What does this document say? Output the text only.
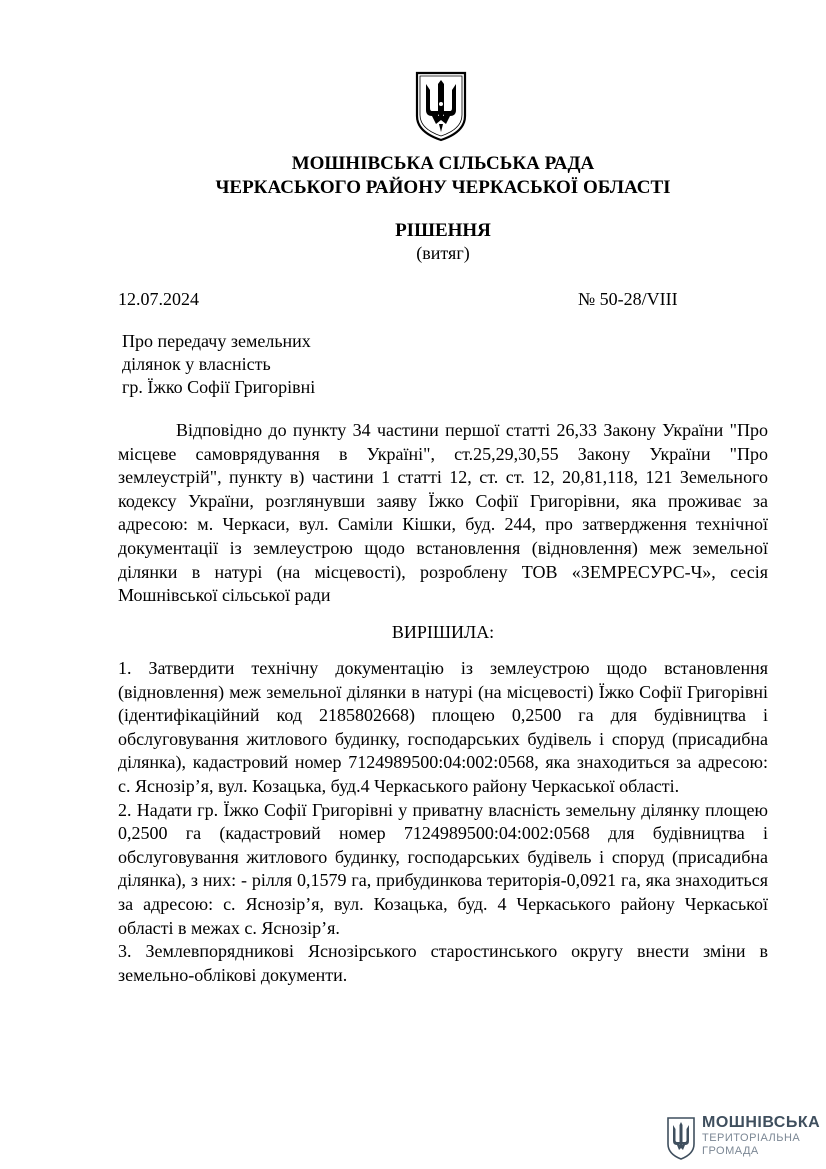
МОШНІВСЬКА СІЛЬСЬКА РАДА
ЧЕРКАСЬКОГО РАЙОНУ ЧЕРКАСЬКОЇ ОБЛАСТІ
РІШЕННЯ
(витяг)
12.07.2024	№ 50-28/VIII
Про передачу земельних
ділянок у власність
гр. Їжко Софії Григорівні

Відповідно до пункту 34 частини першої статті 26,33 Закону України "Про місцеве самоврядування в Україні", ст.25,29,30,55 Закону України "Про землеустрій", пункту в) частини 1 статті 12, ст. ст. 12, 20,81,118, 121 Земельного кодексу України, розглянувши заяву Їжко Софії Григорівни, яка проживає за адресою: м. Черкаси, вул. Саміли Кішки, буд. 244, про затвердження технічної документації із землеустрою щодо встановлення (відновлення) меж земельної ділянки в натурі (на місцевості), розроблену ТОВ «ЗЕМРЕСУРС-Ч», сесія Мошнівської сільської ради

ВИРІШИЛА:

1. Затвердити технічну документацію із землеустрою щодо встановлення (відновлення) меж земельної ділянки в натурі (на місцевості) Їжко Софії Григорівні (ідентифікаційний код 2185802668) площею 0,2500 га для будівництва і обслуговування житлового будинку, господарських будівель і споруд (присадибна ділянка), кадастровий номер 7124989500:04:002:0568, яка знаходиться за адресою: с. Яснозір’я, вул. Козацька, буд.4 Черкаського району Черкаської області.

2. Надати гр. Їжко Софії Григорівні у приватну власність земельну ділянку площею 0,2500 га (кадастровий номер 7124989500:04:002:0568 для будівництва і обслуговування житлового будинку, господарських будівель і споруд (присадибна ділянка), з них: - рілля 0,1579 га, прибудинкова територія-0,0921 га, яка знаходиться за адресою: с. Яснозір’я, вул. Козацька, буд. 4 Черкаського району Черкаської області в межах с. Яснозір’я.

3. Землевпорядникові Яснозірського старостинського округу внести зміни в земельно-облікові документи.

МОШНІВСЬКА
ТЕРИТОРІАЛЬНА
ГРОМАДА
